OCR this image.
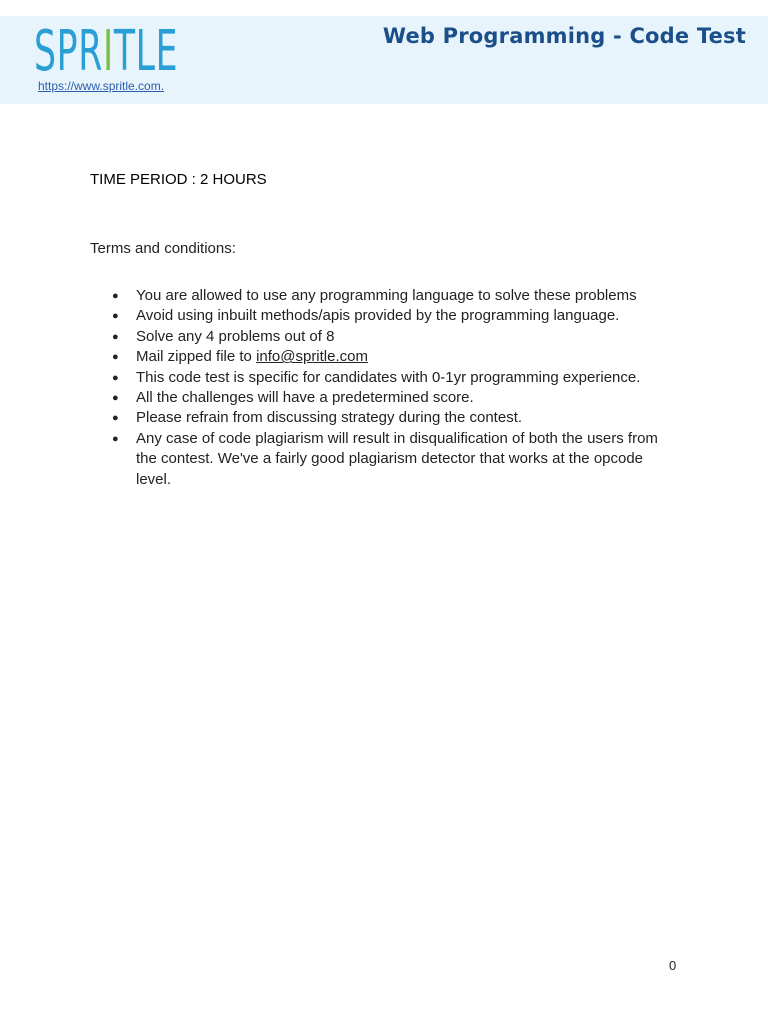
SPRITLE
https://www.spritle.com.
Web Programming - Code Test
TIME PERIOD : 2 HOURS
Terms and conditions:
● You are allowed to use any programming language to solve these problems
● Avoid using inbuilt methods/apis provided by the programming language.
● Solve any 4 problems out of 8
● Mail zipped file to info@spritle.com
● This code test is specific for candidates with 0-1yr programming experience.
● All the challenges will have a predetermined score.
● Please refrain from discussing strategy during the contest.
● Any case of code plagiarism will result in disqualification of both the users from the contest. We've a fairly good plagiarism detector that works at the opcode level.
0
